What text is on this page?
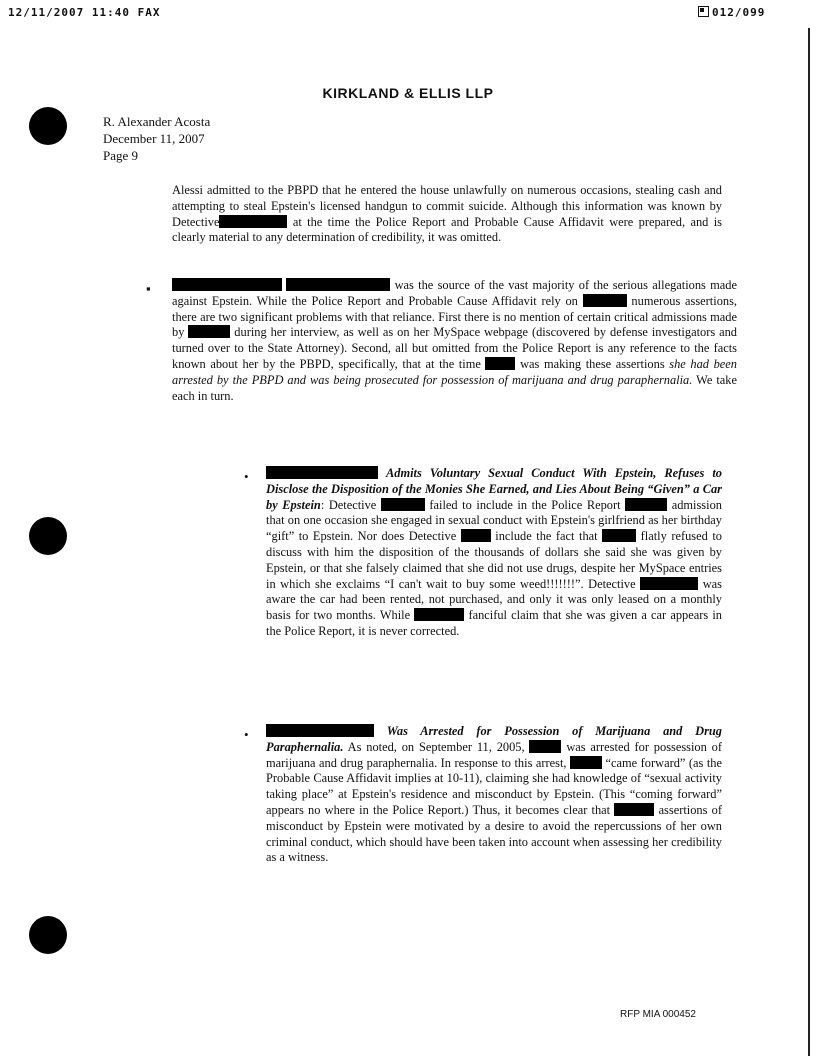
12/11/2007 11:40 FAX	012/099
KIRKLAND & ELLIS LLP
R. Alexander Acosta
December 11, 2007
Page 9
Alessi admitted to the PBPD that he entered the house unlawfully on numerous occasions, stealing cash and attempting to steal Epstein's licensed handgun to commit suicide. Although this information was known by Detective	at the time the Police Report and Probable Cause Affidavit were prepared, and is clearly material to any determination of credibility, it was omitted.
▪	was the source of the vast majority of the serious allegations made against Epstein. While the Police Report and Probable Cause Affidavit rely on	numerous assertions, there are two significant problems with that reliance. First there is no mention of certain critical admissions made by	during her interview, as well as on her MySpace webpage (discovered by defense investigators and turned over to the State Attorney). Second, all but omitted from the Police Report is any reference to the facts known about her by the PBPD, specifically, that at the time	was making these assertions she had been arrested by the PBPD and was being prosecuted for possession of marijuana and drug paraphernalia. We take each in turn.
•	Admits Voluntary Sexual Conduct With Epstein, Refuses to Disclose the Disposition of the Monies She Earned, and Lies About Being “Given” a Car by Epstein: Detective	failed to include in the Police Report	admission that on one occasion she engaged in sexual conduct with Epstein's girlfriend as her birthday “gift” to Epstein. Nor does Detective	include the fact that	flatly refused to discuss with him the disposition of the thousands of dollars she said she was given by Epstein, or that she falsely claimed that she did not use drugs, despite her MySpace entries in which she exclaims “I can't wait to buy some weed!!!!!!!”. Detective	was aware the car had been rented, not purchased, and only it was only leased on a monthly basis for two months. While	fanciful claim that she was given a car appears in the Police Report, it is never corrected.
•	Was Arrested for Possession of Marijuana and Drug Paraphernalia. As noted, on September 11, 2005,	was arrested for possession of marijuana and drug paraphernalia. In response to this arrest,	“came forward” (as the Probable Cause Affidavit implies at 10-11), claiming she had knowledge of “sexual activity taking place” at Epstein's residence and misconduct by Epstein. (This “coming forward” appears no where in the Police Report.) Thus, it becomes clear that	assertions of misconduct by Epstein were motivated by a desire to avoid the repercussions of her own criminal conduct, which should have been taken into account when assessing her credibility as a witness.
RFP MIA 000452
